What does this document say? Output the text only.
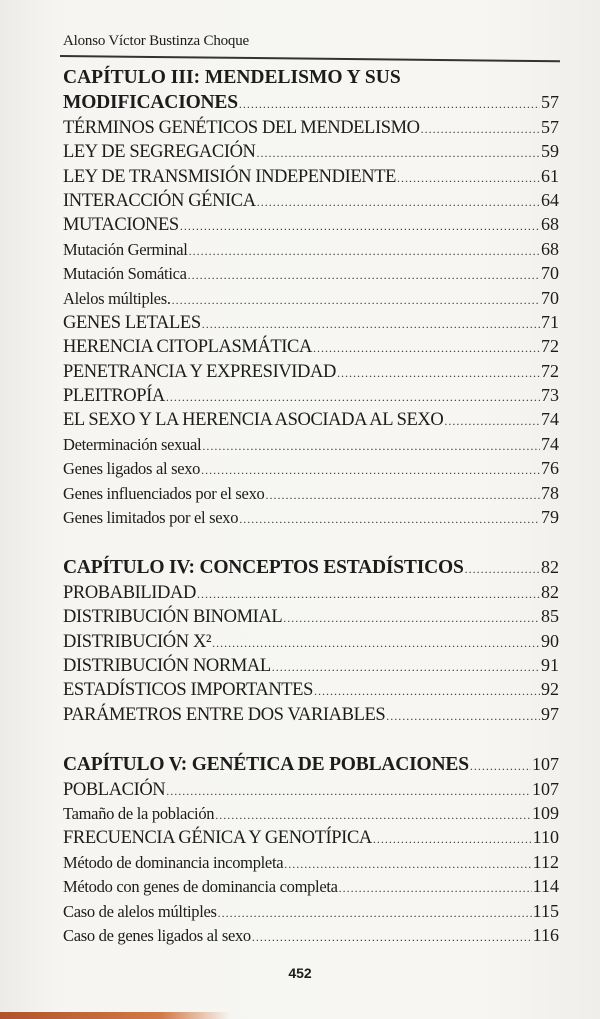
Alonso Víctor Bustinza Choque
CAPÍTULO III: MENDELISMO Y SUS
MODIFICACIONES .....	57
TÉRMINOS GENÉTICOS DEL MENDELISMO .....	57
LEY DE SEGREGACIÓN .....	59
LEY DE TRANSMISIÓN INDEPENDIENTE .....	61
INTERACCIÓN GÉNICA .....	64
MUTACIONES .....	68
Mutación Germinal .....	68
Mutación Somática .....	70
Alelos múltiples. .....	70
GENES LETALES .....	71
HERENCIA CITOPLASMÁTICA .....	72
PENETRANCIA Y EXPRESIVIDAD .....	72
PLEITROPÍA .....	73
EL SEXO Y LA HERENCIA ASOCIADA AL SEXO .....	74
Determinación sexual .....	74
Genes ligados al sexo .....	76
Genes influenciados por el sexo .....	78
Genes limitados por el sexo .....	79
CAPÍTULO IV: CONCEPTOS ESTADÍSTICOS .....	82
PROBABILIDAD .....	82
DISTRIBUCIÓN BINOMIAL .....	85
DISTRIBUCIÓN X² .....	90
DISTRIBUCIÓN NORMAL .....	91
ESTADÍSTICOS IMPORTANTES .....	92
PARÁMETROS ENTRE DOS VARIABLES .....	97
CAPÍTULO V: GENÉTICA DE POBLACIONES .....	107
POBLACIÓN .....	107
Tamaño de la población .....	109
FRECUENCIA GÉNICA Y GENOTÍPICA .....	110
Método de dominancia incompleta .....	112
Método con genes de dominancia completa .....	114
Caso de alelos múltiples .....	115
Caso de genes ligados al sexo .....	116
452
